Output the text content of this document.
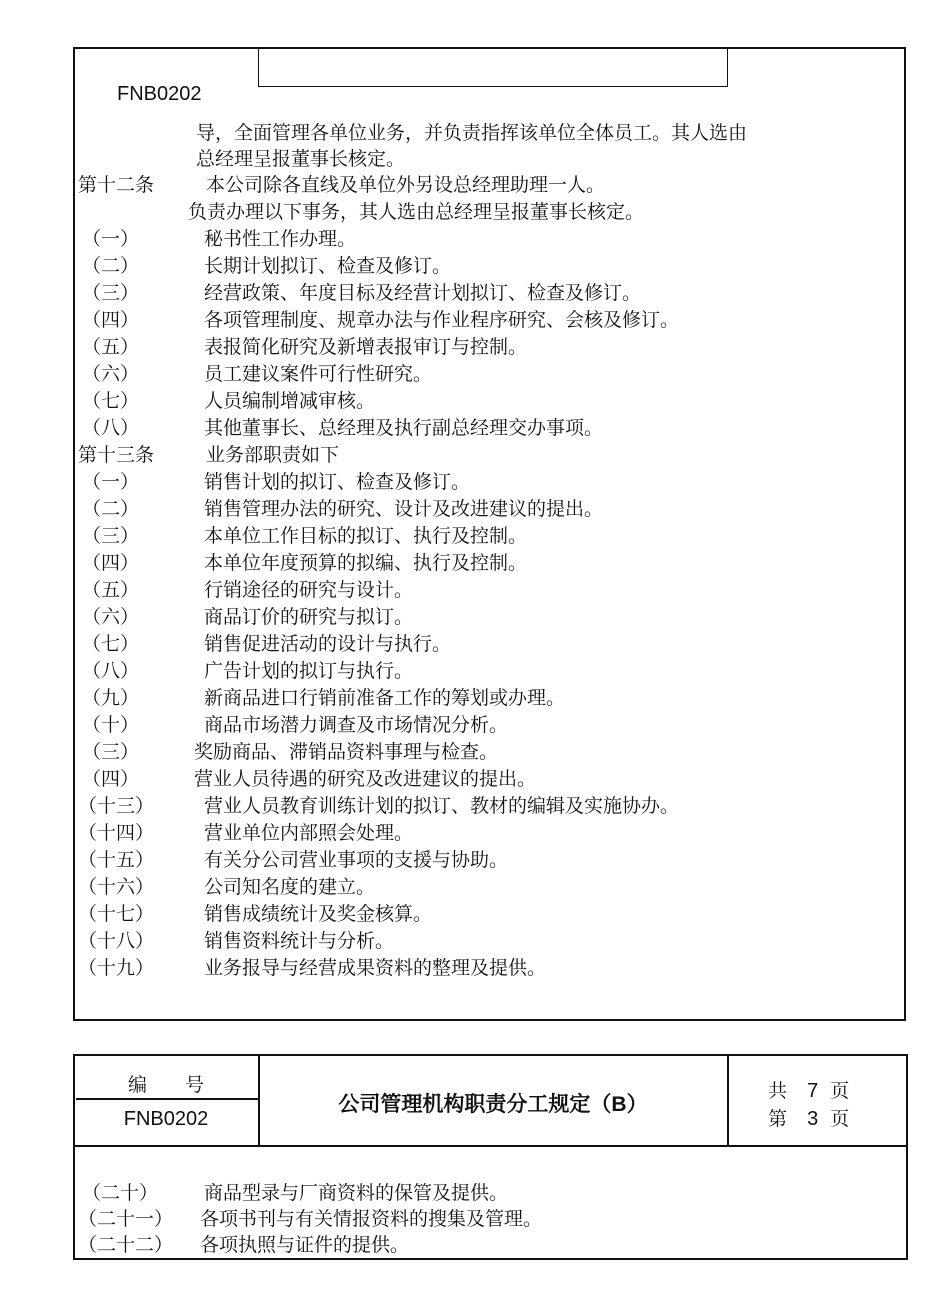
FNB0202
导，全面管理各单位业务，并负责指挥该单位全体员工。其人选由
总经理呈报董事长核定。
第十二条	本公司除各直线及单位外另设总经理助理一人。
负责办理以下事务，其人选由总经理呈报董事长核定。
（一）	秘书性工作办理。
（二）	长期计划拟订、检查及修订。
（三）	经营政策、年度目标及经营计划拟订、检查及修订。
（四）	各项管理制度、规章办法与作业程序研究、会核及修订。
（五）	表报简化研究及新增表报审订与控制。
（六）	员工建议案件可行性研究。
（七）	人员编制增减审核。
（八）	其他董事长、总经理及执行副总经理交办事项。
第十三条	业务部职责如下
（一）	销售计划的拟订、检查及修订。
（二）	销售管理办法的研究、设计及改进建议的提出。
（三）	本单位工作目标的拟订、执行及控制。
（四）	本单位年度预算的拟编、执行及控制。
（五）	行销途径的研究与设计。
（六）	商品订价的研究与拟订。
（七）	销售促进活动的设计与执行。
（八）	广告计划的拟订与执行。
（九）	新商品进口行销前准备工作的筹划或办理。
（十）	商品市场潜力调查及市场情况分析。
（三）	奖励商品、滞销品资料事理与检查。
（四）	营业人员待遇的研究及改进建议的提出。
（十三）	营业人员教育训练计划的拟订、教材的编辑及实施协办。
（十四）	营业单位内部照会处理。
（十五）	有关分公司营业事项的支援与协助。
（十六）	公司知名度的建立。
（十七）	销售成绩统计及奖金核算。
（十八）	销售资料统计与分析。
（十九）	业务报导与经营成果资料的整理及提供。
编　　号
FNB0202
公司管理机构职责分工规定（B）
共 7 页
第 3 页
（二十） 商品型录与厂商资料的保管及提供。
（二十一） 各项书刊与有关情报资料的搜集及管理。
（二十二） 各项执照与证件的提供。
